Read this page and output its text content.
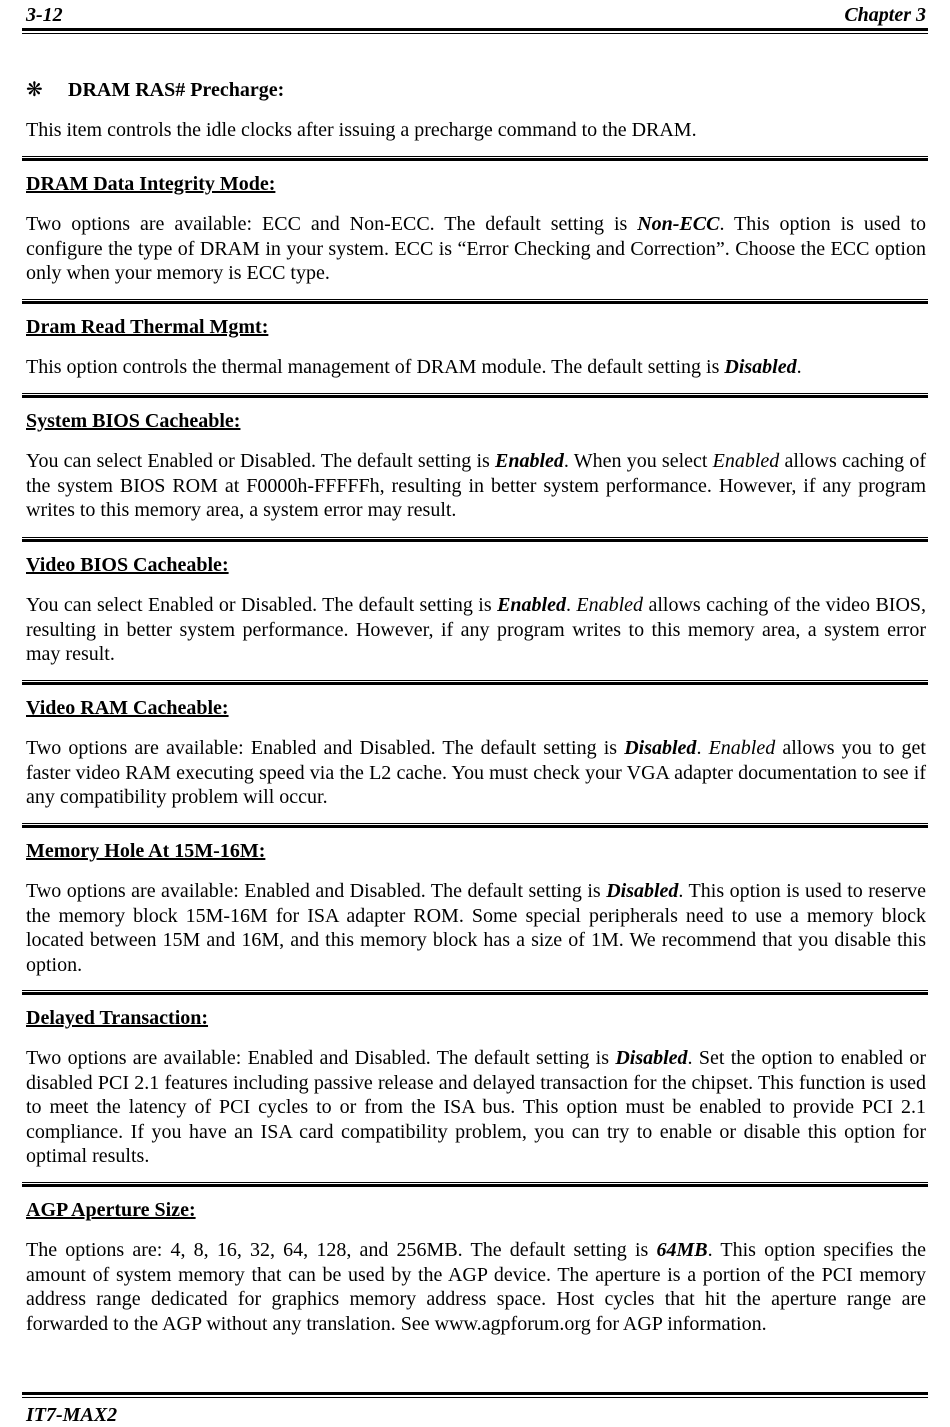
3-12	Chapter 3
❋ DRAM RAS# Precharge:
This item controls the idle clocks after issuing a precharge command to the DRAM.
DRAM Data Integrity Mode:
Two options are available: ECC and Non-ECC. The default setting is Non-ECC. This option is used to configure the type of DRAM in your system. ECC is “Error Checking and Correction”. Choose the ECC option only when your memory is ECC type.
Dram Read Thermal Mgmt:
This option controls the thermal management of DRAM module. The default setting is Disabled.
System BIOS Cacheable:
You can select Enabled or Disabled. The default setting is Enabled. When you select Enabled allows caching of the system BIOS ROM at F0000h-FFFFFh, resulting in better system performance. However, if any program writes to this memory area, a system error may result.
Video BIOS Cacheable:
You can select Enabled or Disabled. The default setting is Enabled. Enabled allows caching of the video BIOS, resulting in better system performance. However, if any program writes to this memory area, a system error may result.
Video RAM Cacheable:
Two options are available: Enabled and Disabled. The default setting is Disabled. Enabled allows you to get faster video RAM executing speed via the L2 cache. You must check your VGA adapter documentation to see if any compatibility problem will occur.
Memory Hole At 15M-16M:
Two options are available: Enabled and Disabled. The default setting is Disabled. This option is used to reserve the memory block 15M-16M for ISA adapter ROM. Some special peripherals need to use a memory block located between 15M and 16M, and this memory block has a size of 1M. We recommend that you disable this option.
Delayed Transaction:
Two options are available: Enabled and Disabled. The default setting is Disabled. Set the option to enabled or disabled PCI 2.1 features including passive release and delayed transaction for the chipset. This function is used to meet the latency of PCI cycles to or from the ISA bus. This option must be enabled to provide PCI 2.1 compliance. If you have an ISA card compatibility problem, you can try to enable or disable this option for optimal results.
AGP Aperture Size:
The options are: 4, 8, 16, 32, 64, 128, and 256MB. The default setting is 64MB. This option specifies the amount of system memory that can be used by the AGP device. The aperture is a portion of the PCI memory address range dedicated for graphics memory address space. Host cycles that hit the aperture range are forwarded to the AGP without any translation. See www.agpforum.org for AGP information.
IT7-MAX2
